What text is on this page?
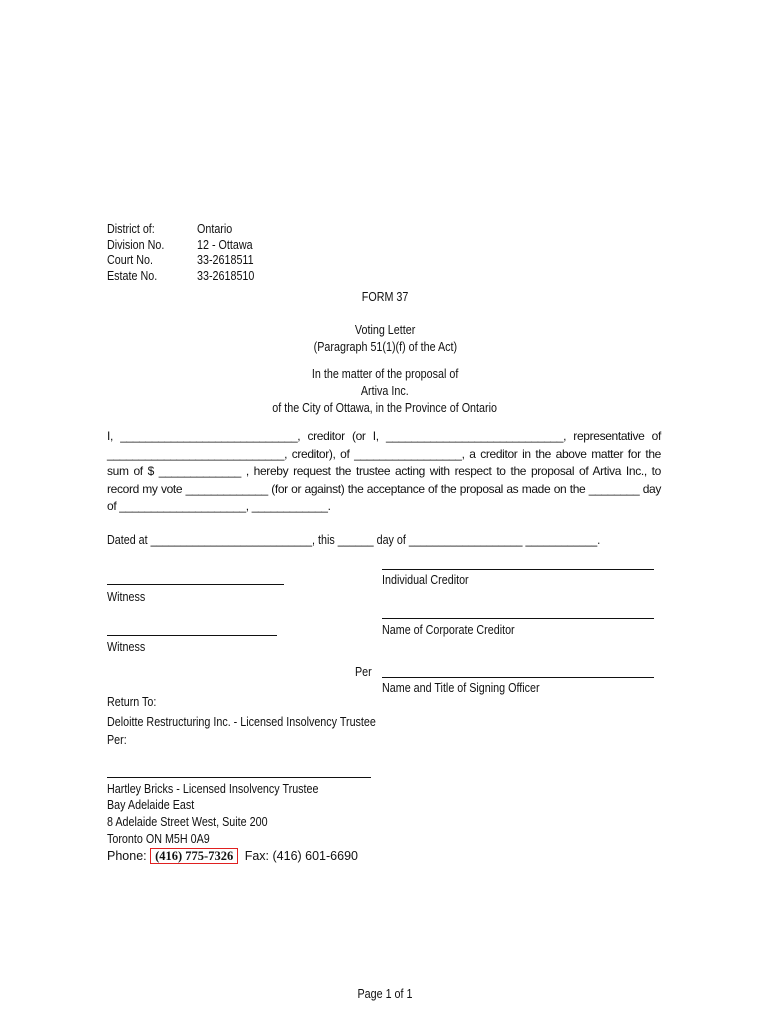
District of:	Ontario
Division No.	12 - Ottawa
Court No.	33-2618511
Estate No.	33-2618510
FORM 37
Voting Letter
(Paragraph 51(1)(f) of the Act)
In the matter of the proposal of
Artiva Inc.
of the City of Ottawa, in the Province of Ontario
I, ____________________________, creditor (or I, ____________________________, representative of ____________________________, creditor), of _________________, a creditor in the above matter for the sum of $ _____________ , hereby request the trustee acting with respect to the proposal of Artiva Inc., to record my vote _____________ (for or against) the acceptance of the proposal as made on the ________ day of ____________________, ____________.
Dated at ___________________________, this ______ day of ___________________ ____________.
Individual Creditor
Witness
Name of Corporate Creditor
Witness
Per
Name and Title of Signing Officer
Return To:
Deloitte Restructuring Inc. - Licensed Insolvency Trustee
Per:
Hartley Bricks - Licensed Insolvency Trustee
Bay Adelaide East
8 Adelaide Street West, Suite 200
Toronto ON M5H 0A9
Phone: (416) 775-7326 Fax: (416) 601-6690
Page 1 of 1
